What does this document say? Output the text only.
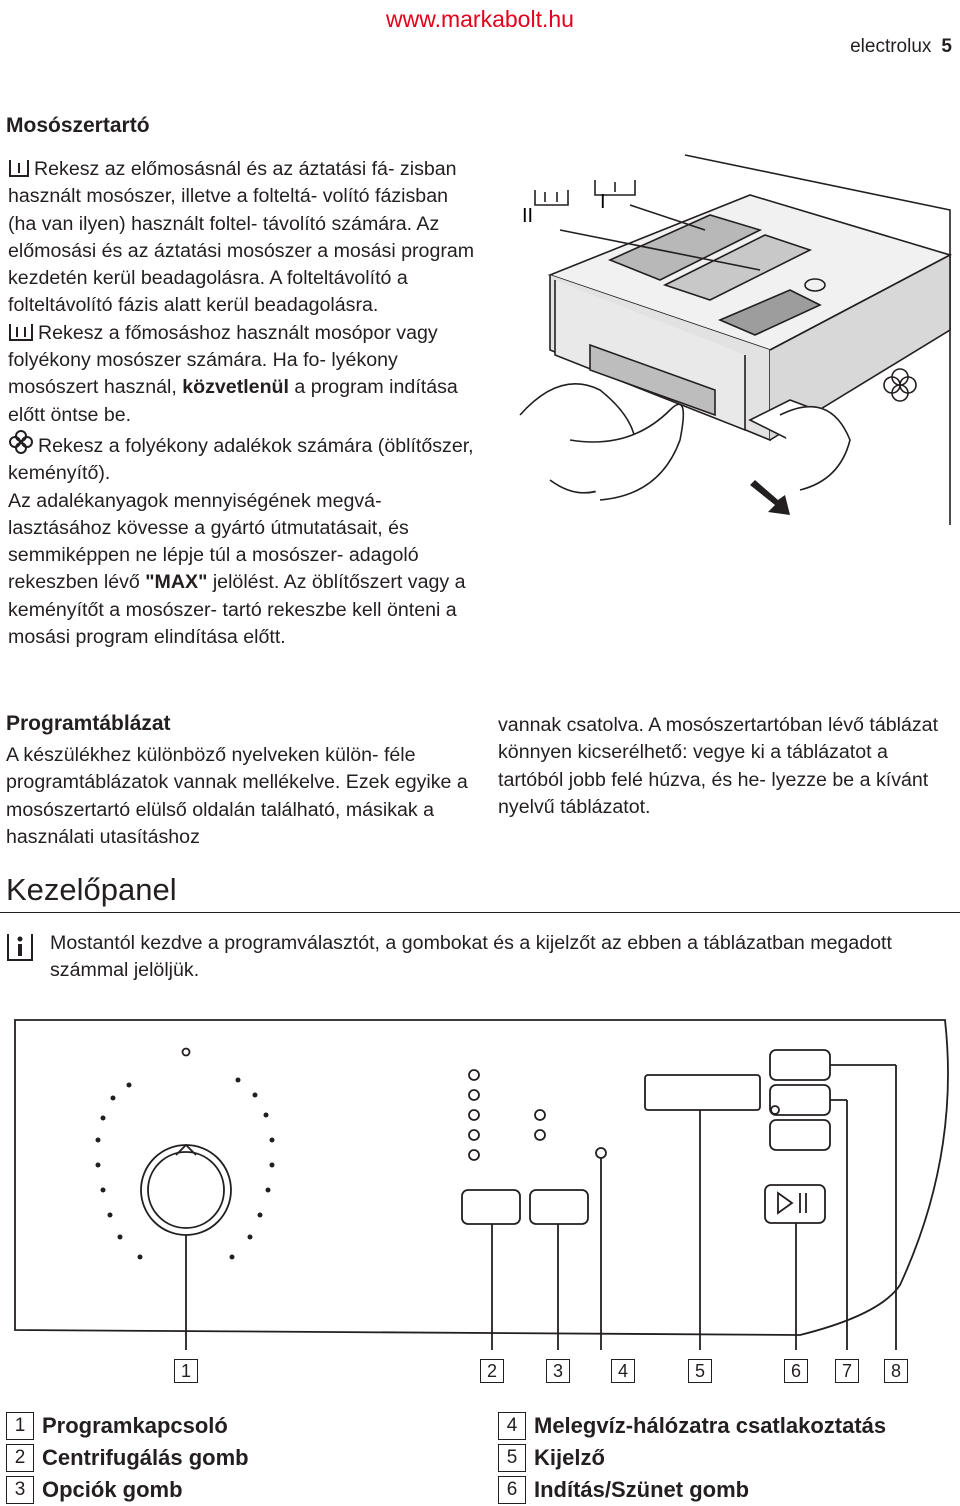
www.markabolt.hu
electrolux 5
Mosószertartó

Rekesz az előmosásnál és az áztatási fá- zisban használt mosószer, illetve a folteltá- volító fázisban (ha van ilyen) használt foltel- távolító számára. Az előmosási és az áztatási mosószer a mosási program kezdetén kerül beadagolásra. A folteltávolító a folteltávolító fázis alatt kerül beadagolásra.

Rekesz a főmosáshoz használt mosópor vagy folyékony mosószer számára. Ha fo- lyékony mosószert használ, közvetlenül a program indítása előtt öntse be.

Rekesz a folyékony adalékok számára (öblítőszer, keményítő).

Az adalékanyagok mennyiségének megvá- lasztásához kövesse a gyártó útmutatásait, és semmiképpen ne lépje túl a mosószer- adagoló rekeszben lévő "MAX" jelölést. Az öblítőszert vagy a keményítőt a mosószer- tartó rekeszbe kell önteni a mosási program elindítása előtt.

I
II
Programtáblázat
A készülékhez különböző nyelveken külön- féle programtáblázatok vannak mellékelve. Ezek egyike a mosószertartó elülső oldalán található, másikak a használati utasításhoz
vannak csatolva. A mosószertartóban lévő táblázat könnyen kicserélhető: vegye ki a táblázatot a tartóból jobb felé húzva, és he- lyezze be a kívánt nyelvű táblázatot.
Kezelőpanel
Mostantól kezdve a programválasztót, a gombokat és a kijelzőt az ebben a táblázatban megadott számmal jelöljük.
1	2	3	4	5	6	7	8
1 Programkapcsoló
2 Centrifugálás gomb
3 Opciók gomb
4 Melegvíz-hálózatra csatlakoztatás
5 Kijelző
6 Indítás/Szünet gomb
